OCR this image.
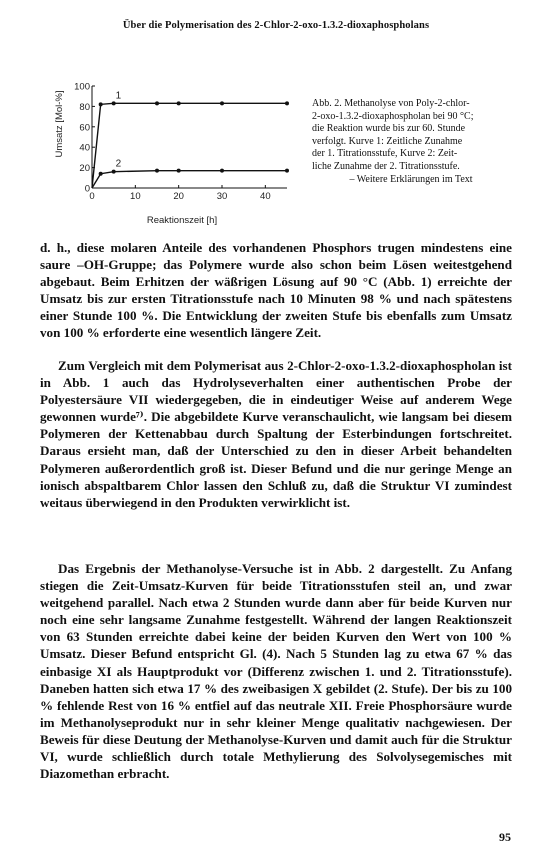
Über die Polymerisation des 2-Chlor-2-oxo-1.3.2-dioxaphospholans
0	10	20	30	40
0
20
40
60
80
100
1
2
Umsatz [Mol-%]
Reaktionszeit [h]
Abb. 2. Methanolyse von Poly-2-chlor-
2-oxo-1.3.2-dioxaphospholan bei 90 °C;
die Reaktion wurde bis zur 60. Stunde
verfolgt. Kurve 1: Zeitliche Zunahme
der 1. Titrationsstufe, Kurve 2: Zeit-
liche Zunahme der 2. Titrationsstufe.
– Weitere Erklärungen im Text

d. h., diese molaren Anteile des vorhandenen Phosphors trugen mindestens eine saure –OH-Gruppe; das Polymere wurde also schon beim Lösen weitestgehend abgebaut. Beim Erhitzen der wäßrigen Lösung auf 90 °C (Abb. 1) erreichte der Umsatz bis zur ersten Titrationsstufe nach 10 Minuten 98 % und nach spätestens einer Stunde 100 %. Die Entwicklung der zweiten Stufe bis ebenfalls zum Umsatz von 100 % erforderte eine wesentlich längere Zeit.

Zum Vergleich mit dem Polymerisat aus 2-Chlor-2-oxo-1.3.2-dioxaphospholan ist in Abb. 1 auch das Hydrolyseverhalten einer authentischen Probe der Polyestersäure VII wiedergegeben, die in eindeutiger Weise auf anderem Wege gewonnen wurde⁷⁾. Die abgebildete Kurve veranschaulicht, wie langsam bei diesem Polymeren der Kettenabbau durch Spaltung der Esterbindungen fortschreitet. Daraus ersieht man, daß der Unterschied zu den in dieser Arbeit behandelten Polymeren außerordentlich groß ist. Dieser Befund und die nur geringe Menge an ionisch abspaltbarem Chlor lassen den Schluß zu, daß die Struktur VI zumindest weitaus überwiegend in den Produkten verwirklicht ist.

Das Ergebnis der Methanolyse-Versuche ist in Abb. 2 dargestellt. Zu Anfang stiegen die Zeit-Umsatz-Kurven für beide Titrationsstufen steil an, und zwar weitgehend parallel. Nach etwa 2 Stunden wurde dann aber für beide Kurven nur noch eine sehr langsame Zunahme festgestellt. Während der langen Reaktionszeit von 63 Stunden erreichte dabei keine der beiden Kurven den Wert von 100 % Umsatz. Dieser Befund entspricht Gl. (4). Nach 5 Stunden lag zu etwa 67 % das einbasige XI als Hauptprodukt vor (Differenz zwischen 1. und 2. Titrationsstufe). Daneben hatten sich etwa 17 % des zweibasigen X gebildet (2. Stufe). Der bis zu 100 % fehlende Rest von 16 % entfiel auf das neutrale XII. Freie Phosphorsäure wurde im Methanolyseprodukt nur in sehr kleiner Menge qualitativ nachgewiesen. Der Beweis für diese Deutung der Methanolyse-Kurven und damit auch für die Struktur VI, wurde schließlich durch totale Methylierung des Solvolysegemisches mit Diazomethan erbracht.

95
